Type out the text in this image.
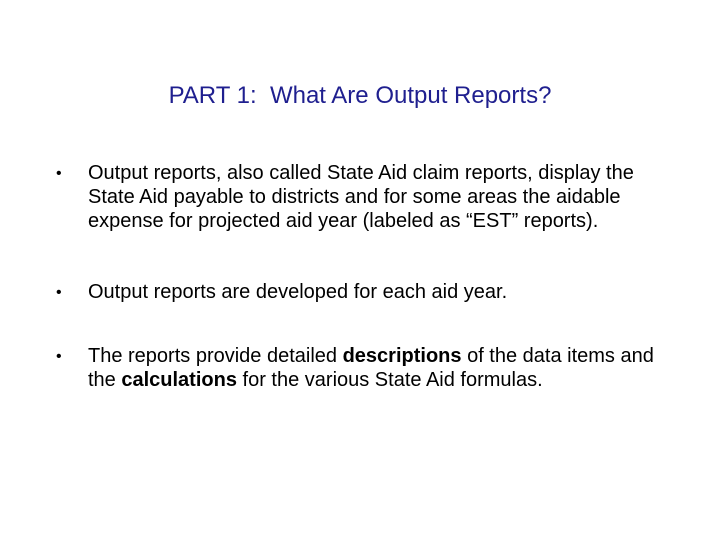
PART 1:  What Are Output Reports?
•	Output reports, also called State Aid claim reports, display the State Aid payable to districts and for some areas the aidable expense for projected aid year (labeled as “EST” reports).
•	Output reports are developed for each aid year.
•	The reports provide detailed descriptions of the data items and the calculations for the various State Aid formulas.
